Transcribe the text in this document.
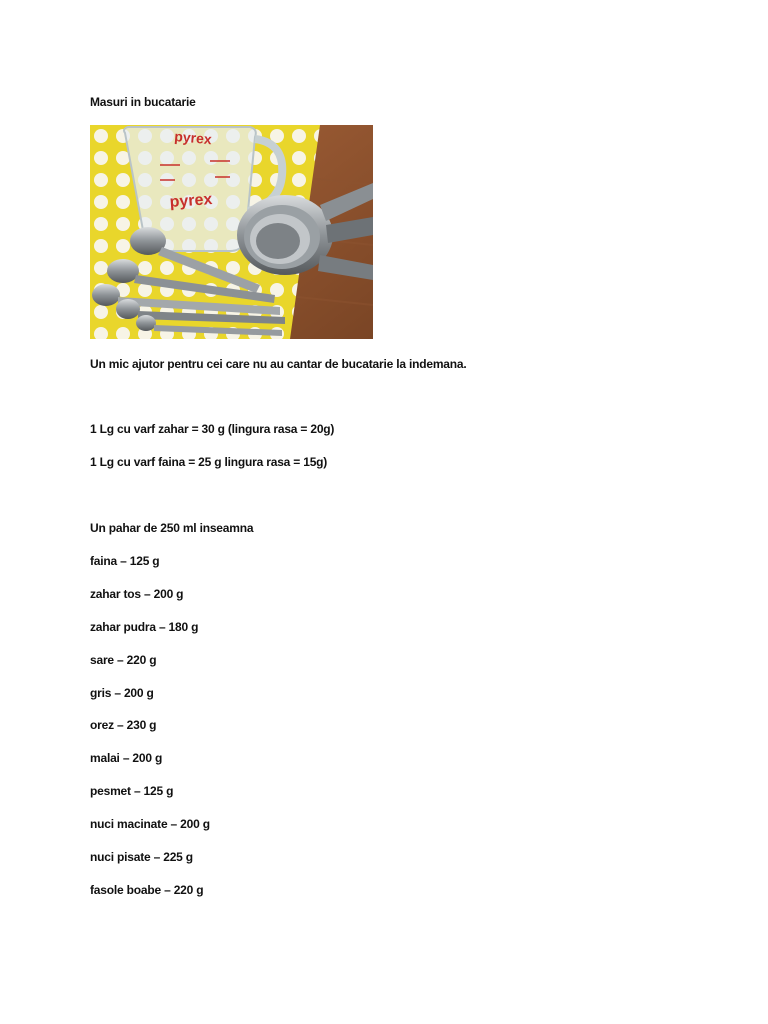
Masuri in bucatarie
pyrex
pyrex
Un mic ajutor pentru cei care nu au cantar de bucatarie la indemana.
1 Lg cu varf zahar = 30 g (lingura rasa = 20g)
1 Lg cu varf faina = 25 g lingura rasa = 15g)
Un pahar de 250 ml inseamna
faina – 125 g
zahar tos – 200 g
zahar pudra – 180 g
sare – 220 g
gris – 200 g
orez – 230 g
malai – 200 g
pesmet – 125 g
nuci macinate – 200 g
nuci pisate – 225 g
fasole boabe – 220 g
